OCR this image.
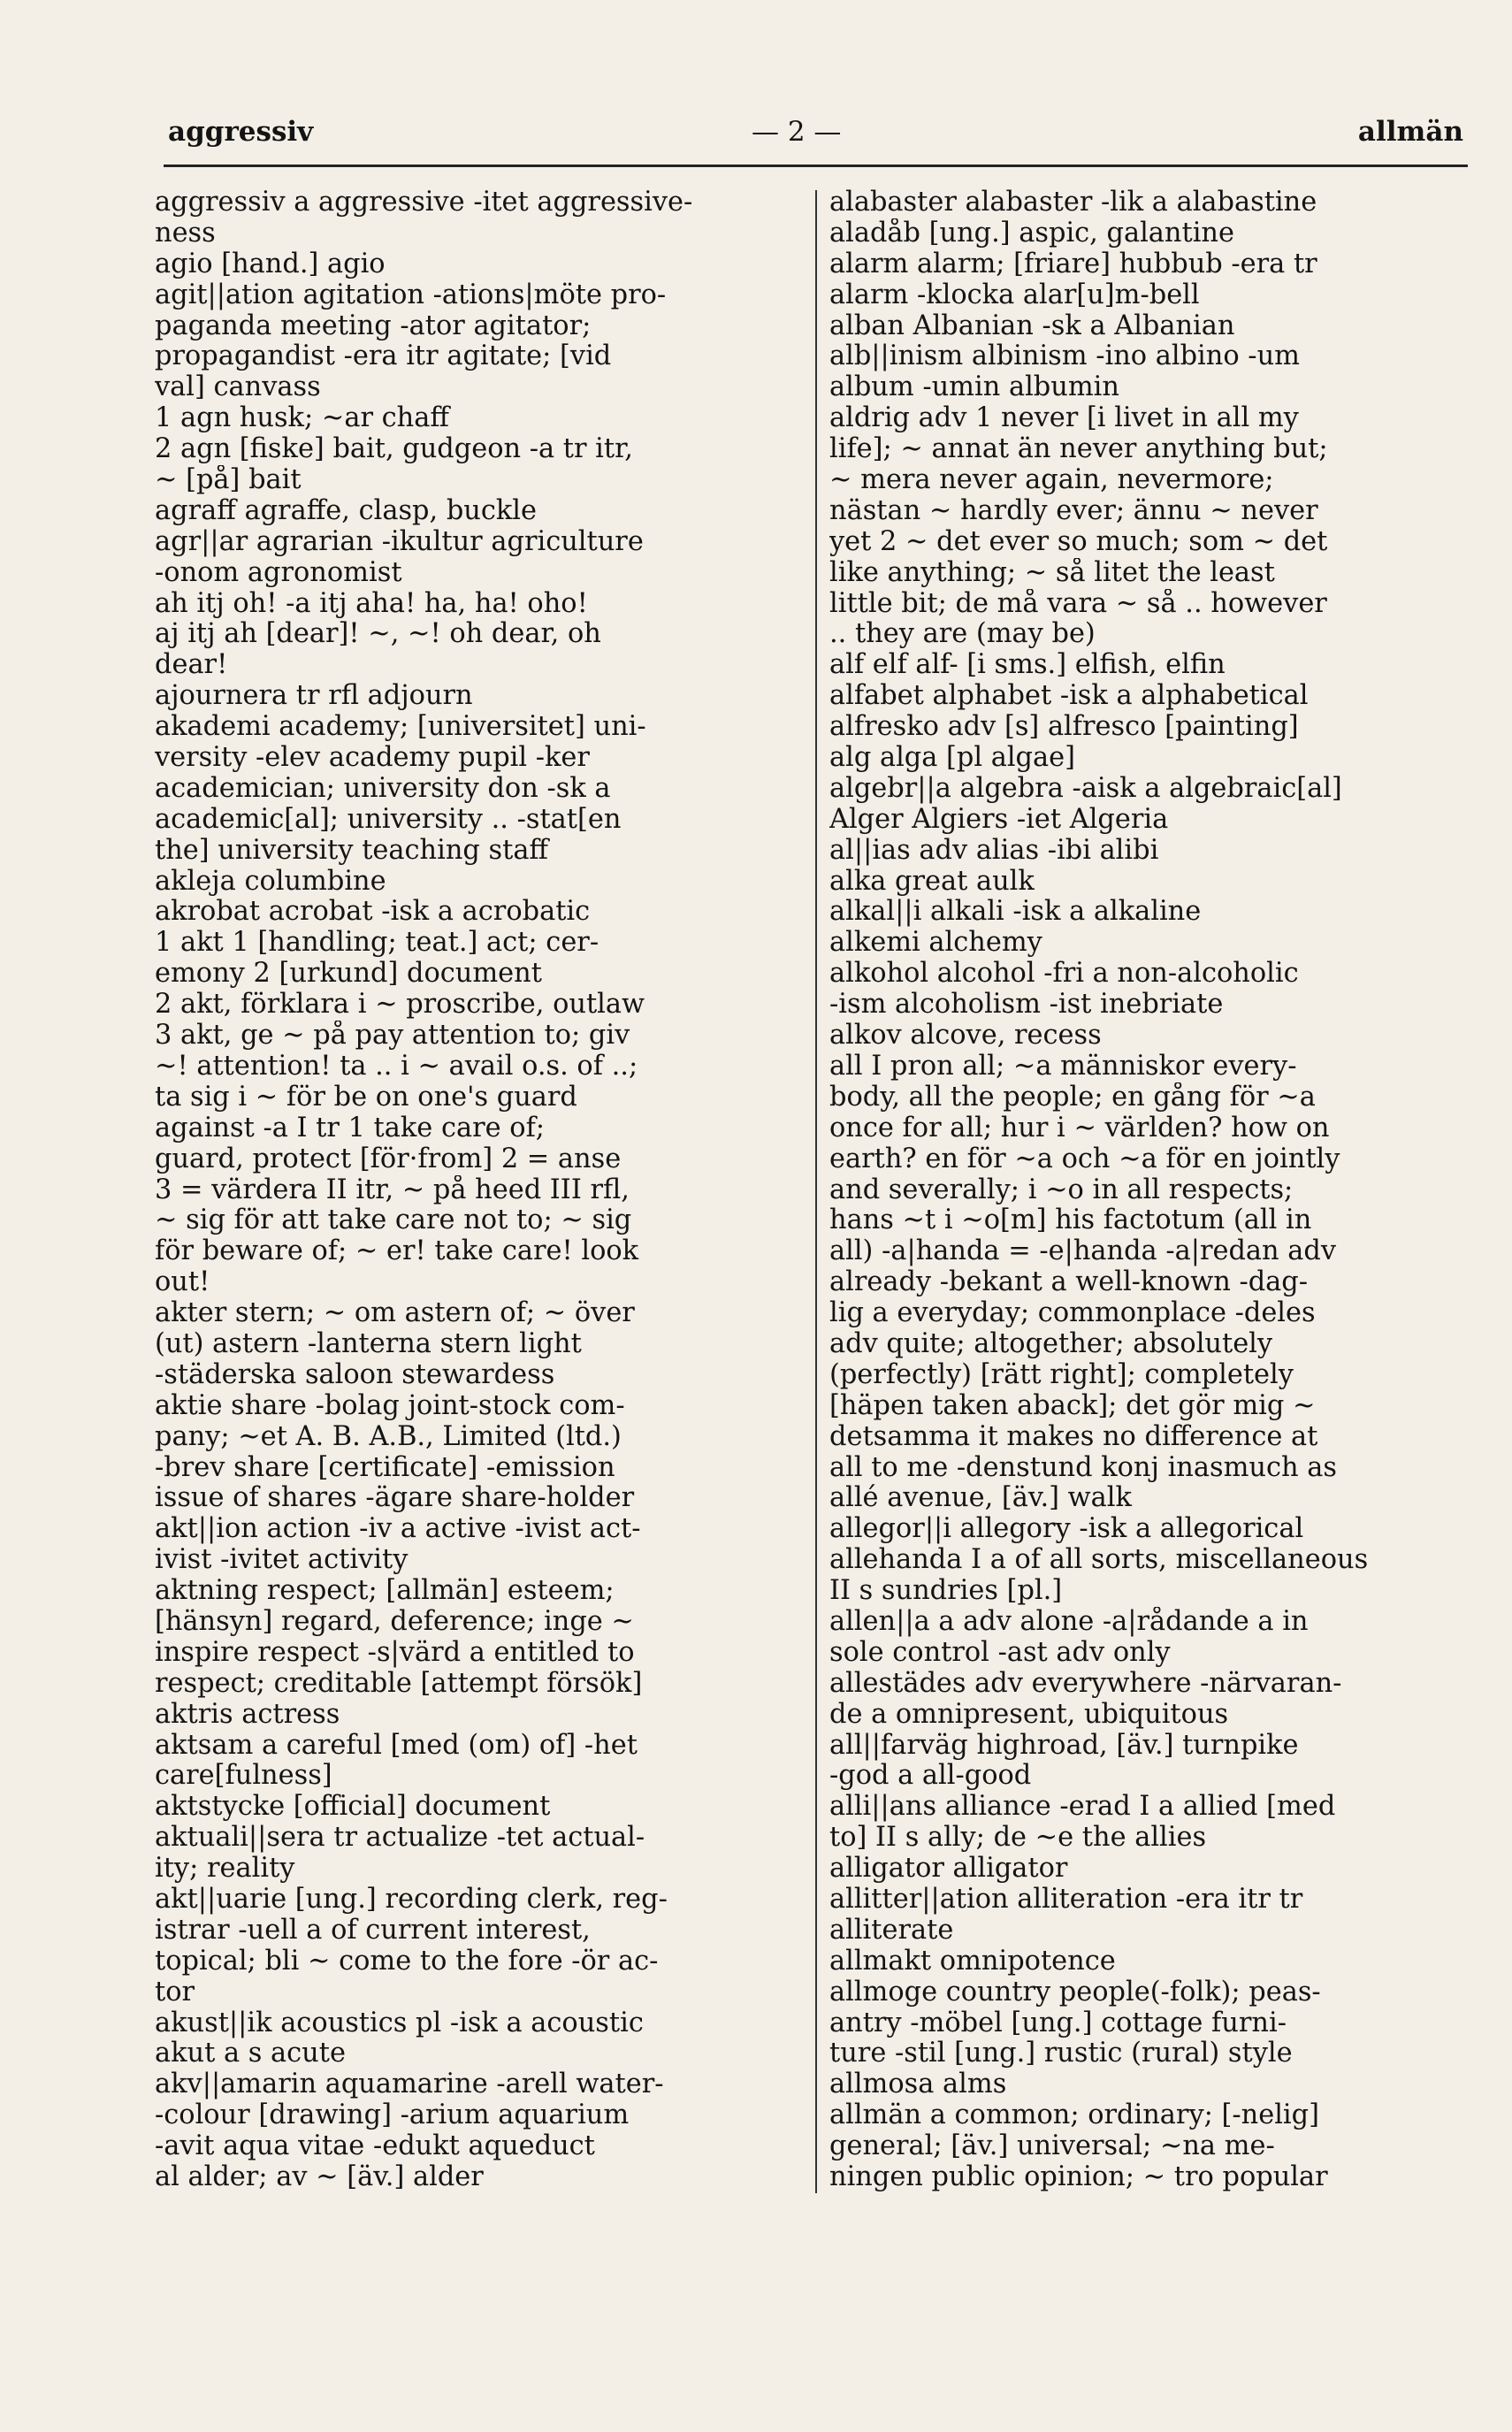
aggressiv	— 2 —	allmän
aggressiv a aggressive -itet aggressive-
ness
agio [hand.] agio
agit||ation agitation -ations|möte pro-
paganda meeting -ator agitator;
propagandist -era itr agitate; [vid
val] canvass
1 agn husk; ~ar chaff
2 agn [fiske] bait, gudgeon -a tr itr,
~ [på] bait
agraff agraffe, clasp, buckle
agr||ar agrarian -ikultur agriculture
-onom agronomist
ah itj oh! -a itj aha! ha, ha! oho!
aj itj ah [dear]! ~, ~! oh dear, oh
dear!
ajournera tr rfl adjourn
akademi academy; [universitet] uni-
versity -elev academy pupil -ker
academician; university don -sk a
academic[al]; university .. -stat[en
the] university teaching staff
akleja columbine
akrobat acrobat -isk a acrobatic
1 akt 1 [handling; teat.] act; cer-
emony 2 [urkund] document
2 akt, förklara i ~ proscribe, outlaw
3 akt, ge ~ på pay attention to; giv
~! attention! ta .. i ~ avail o.s. of ..;
ta sig i ~ för be on one's guard
against -a I tr 1 take care of;
guard, protect [för·from] 2 = anse
3 = värdera II itr, ~ på heed III rfl,
~ sig för att take care not to; ~ sig
för beware of; ~ er! take care! look
out!
akter stern; ~ om astern of; ~ över
(ut) astern -lanterna stern light
-städerska saloon stewardess
aktie share -bolag joint-stock com-
pany; ~et A. B. A.B., Limited (ltd.)
-brev share [certificate] -emission
issue of shares -ägare share-holder
akt||ion action -iv a active -ivist act-
ivist -ivitet activity
aktning respect; [allmän] esteem;
[hänsyn] regard, deference; inge ~
inspire respect -s|värd a entitled to
respect; creditable [attempt försök]
aktris actress
aktsam a careful [med (om) of] -het
care[fulness]
aktstycke [official] document
aktuali||sera tr actualize -tet actual-
ity; reality
akt||uarie [ung.] recording clerk, reg-
istrar -uell a of current interest,
topical; bli ~ come to the fore -ör ac-
tor
akust||ik acoustics pl -isk a acoustic
akut a s acute
akv||amarin aquamarine -arell water-
-colour [drawing] -arium aquarium
-avit aqua vitae -edukt aqueduct
al alder; av ~ [äv.] alder
alabaster alabaster -lik a alabastine
aladåb [ung.] aspic, galantine
alarm alarm; [friare] hubbub -era tr
alarm -klocka alar[u]m-bell
alban Albanian -sk a Albanian
alb||inism albinism -ino albino -um
album -umin albumin
aldrig adv 1 never [i livet in all my
life]; ~ annat än never anything but;
~ mera never again, nevermore;
nästan ~ hardly ever; ännu ~ never
yet 2 ~ det ever so much; som ~ det
like anything; ~ så litet the least
little bit; de må vara ~ så .. however
.. they are (may be)
alf elf alf- [i sms.] elfish, elfin
alfabet alphabet -isk a alphabetical
alfresko adv [s] alfresco [painting]
alg alga [pl algae]
algebr||a algebra -aisk a algebraic[al]
Alger Algiers -iet Algeria
al||ias adv alias -ibi alibi
alka great aulk
alkal||i alkali -isk a alkaline
alkemi alchemy
alkohol alcohol -fri a non-alcoholic
-ism alcoholism -ist inebriate
alkov alcove, recess
all I pron all; ~a människor every-
body, all the people; en gång för ~a
once for all; hur i ~ världen? how on
earth? en för ~a och ~a för en jointly
and severally; i ~o in all respects;
hans ~t i ~o[m] his factotum (all in
all) -a|handa = -e|handa -a|redan adv
already -bekant a well-known -dag-
lig a everyday; commonplace -deles
adv quite; altogether; absolutely
(perfectly) [rätt right]; completely
[häpen taken aback]; det gör mig ~
detsamma it makes no difference at
all to me -denstund konj inasmuch as
allé avenue, [äv.] walk
allegor||i allegory -isk a allegorical
allehanda I a of all sorts, miscellaneous
II s sundries [pl.]
allen||a a adv alone -a|rådande a in
sole control -ast adv only
allestädes adv everywhere -närvaran-
de a omnipresent, ubiquitous
all||farväg highroad, [äv.] turnpike
-god a all-good
alli||ans alliance -erad I a allied [med
to] II s ally; de ~e the allies
alligator alligator
allitter||ation alliteration -era itr tr
alliterate
allmakt omnipotence
allmoge country people(-folk); peas-
antry -möbel [ung.] cottage furni-
ture -stil [ung.] rustic (rural) style
allmosa alms
allmän a common; ordinary; [-nelig]
general; [äv.] universal; ~na me-
ningen public opinion; ~ tro popular
